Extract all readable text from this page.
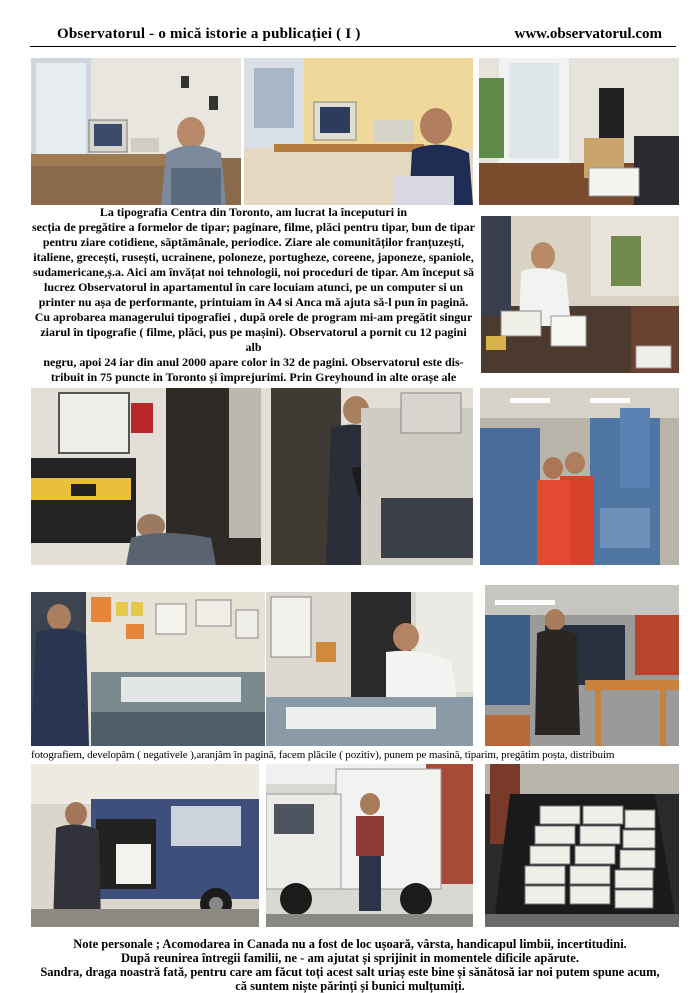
Observatorul - o mică istorie a publicației ( I )	www.observatorul.com

La tipografia Centra din Toronto, am lucrat la începuturi in

secția de pregătire a formelor de tipar; paginare, filme, plăci pentru tipar, bun de tipar

pentru ziare cotidiene, săptămânale, periodice. Ziare ale comunităților franțuzești,

italiene, grecești, rusești, ucrainene, poloneze, portugheze, coreene, japoneze, spaniole,

sudamericane,ș.a. Aici am învățat noi tehnologii, noi proceduri de tipar. Am început să

lucrez Observatorul in apartamentul în care locuiam atunci, pe un computer si un

printer nu așa de performante, printuiam în A4 si Anca mă ajuta să-l pun în pagină.

Cu aprobarea managerului tipografiei , după orele de program mi-am pregătit singur

ziarul în tipografie ( filme, plăci, pus pe mașini). Observatorul a pornit cu 12 pagini alb

negru, apoi 24 iar din anul 2000 apare color in 32 de pagini. Observatorul este dis-

tribuit in 75 puncte in Toronto și împrejurimi. Prin Greyhound in alte orașe ale

fotografiem, developăm ( negativele ),aranjăm în pagină, facem plăcile ( pozitiv), punem pe masină, tiparim, pregătim poșta, distribuim

Note personale ; Acomodarea in Canada nu a fost de loc ușoară, vârsta, handicapul limbii, incertitudini.

După reunirea întregii familii, ne - am ajutat și sprijinit in momentele dificile apărute.

Sandra, draga noastră fată, pentru care am făcut toți acest salt uriaș este bine și sănătosă iar noi putem spune acum,

că suntem niște părinți și bunici mulțumiți.
